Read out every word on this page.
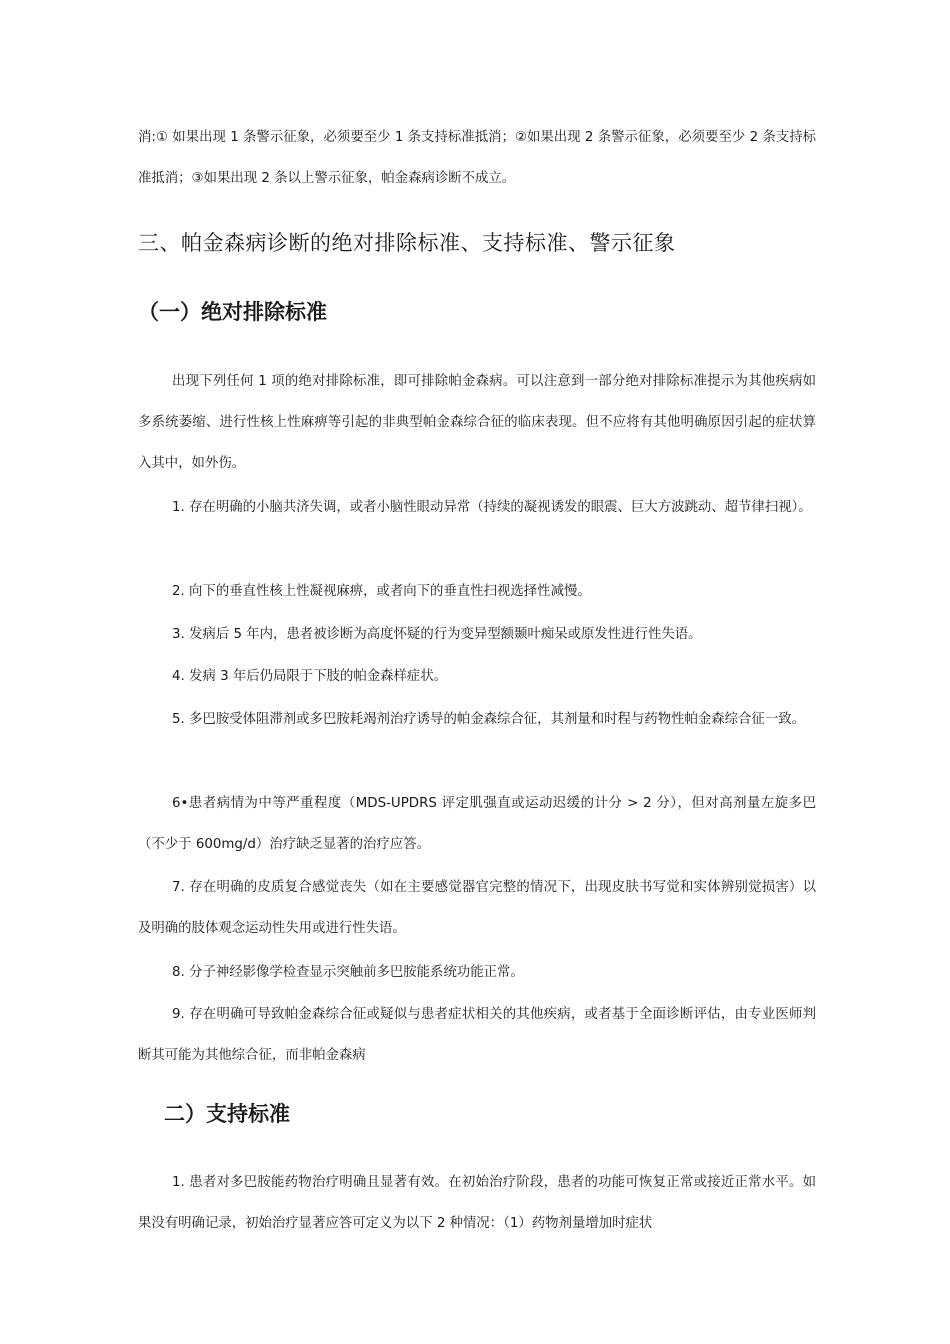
消:① 如果出现 1 条警示征象，必须要至少 1 条支持标准抵消；②如果出现 2 条警示征象，必须要至少 2 条支持标准抵消；③如果出现 2 条以上警示征象，帕金森病诊断不成立。

三、帕金森病诊断的绝对排除标准、支持标准、警示征象
（一）绝对排除标准

出现下列任何 1 项的绝对排除标准，即可排除帕金森病。可以注意到一部分绝对排除标准提示为其他疾病如多系统萎缩、进行性核上性麻痹等引起的非典型帕金森综合征的临床表现。但不应将有其他明确原因引起的症状算入其中，如外伤。

1. 存在明确的小脑共济失调，或者小脑性眼动异常（持续的凝视诱发的眼震、巨大方波跳动、超节律扫视）。

2. 向下的垂直性核上性凝视麻痹，或者向下的垂直性扫视选择性减慢。

3. 发病后 5 年内，患者被诊断为高度怀疑的行为变异型额颞叶痴呆或原发性进行性失语。

4. 发病 3 年后仍局限于下肢的帕金森样症状。

5. 多巴胺受体阻滞剂或多巴胺耗竭剂治疗诱导的帕金森综合征，其剂量和时程与药物性帕金森综合征一致。

6•患者病情为中等严重程度（MDS-UPDRS 评定肌强直或运动迟缓的计分 > 2 分），但对高剂量左旋多巴（不少于 600mg/d）治疗缺乏显著的治疗应答。

7. 存在明确的皮质复合感觉丧失（如在主要感觉器官完整的情况下，出现皮肤书写觉和实体辨别觉损害）以及明确的肢体观念运动性失用或进行性失语。

8. 分子神经影像学检查显示突触前多巴胺能系统功能正常。

9. 存在明确可导致帕金森综合征或疑似与患者症状相关的其他疾病，或者基于全面诊断评估，由专业医师判断其可能为其他综合征，而非帕金森病

二）支持标准

1. 患者对多巴胺能药物治疗明确且显著有效。在初始治疗阶段，患者的功能可恢复正常或接近正常水平。如果没有明确记录，初始治疗显著应答可定义为以下 2 种情况：（1）药物剂量增加时症状
